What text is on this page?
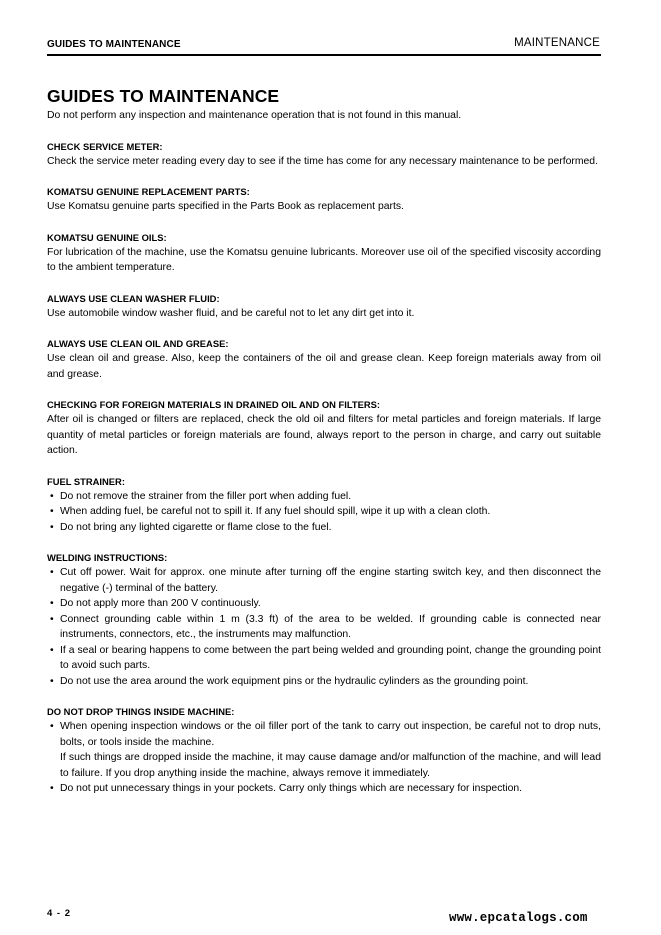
GUIDES TO MAINTENANCE	MAINTENANCE
GUIDES TO MAINTENANCE

Do not perform any inspection and maintenance operation that is not found in this manual.

CHECK SERVICE METER:

Check the service meter reading every day to see if the time has come for any necessary maintenance to be performed.

KOMATSU GENUINE REPLACEMENT PARTS:

Use Komatsu genuine parts specified in the Parts Book as replacement parts.

KOMATSU GENUINE OILS:

For lubrication of the machine, use the Komatsu genuine lubricants. Moreover use oil of the specified viscosity according to the ambient temperature.

ALWAYS USE CLEAN WASHER FLUID:

Use automobile window washer fluid, and be careful not to let any dirt get into it.

ALWAYS USE CLEAN OIL AND GREASE:

Use clean oil and grease. Also, keep the containers of the oil and grease clean. Keep foreign materials away from oil and grease.

CHECKING FOR FOREIGN MATERIALS IN DRAINED OIL AND ON FILTERS:

After oil is changed or filters are replaced, check the old oil and filters for metal particles and foreign materials. If large quantity of metal particles or foreign materials are found, always report to the person in charge, and carry out suitable action.

FUEL STRAINER:

• Do not remove the strainer from the filler port when adding fuel.
• When adding fuel, be careful not to spill it. If any fuel should spill, wipe it up with a clean cloth.
• Do not bring any lighted cigarette or flame close to the fuel.

WELDING INSTRUCTIONS:

• Cut off power. Wait for approx. one minute after turning off the engine starting switch key, and then disconnect the negative (-) terminal of the battery.
• Do not apply more than 200 V continuously.
• Connect grounding cable within 1 m (3.3 ft) of the area to be welded. If grounding cable is connected near instruments, connectors, etc., the instruments may malfunction.
• If a seal or bearing happens to come between the part being welded and grounding point, change the grounding point to avoid such parts.
• Do not use the area around the work equipment pins or the hydraulic cylinders as the grounding point.

DO NOT DROP THINGS INSIDE MACHINE:

• When opening inspection windows or the oil filler port of the tank to carry out inspection, be careful not to drop nuts, bolts, or tools inside the machine.
If such things are dropped inside the machine, it may cause damage and/or malfunction of the machine, and will lead to failure. If you drop anything inside the machine, always remove it immediately.
• Do not put unnecessary things in your pockets. Carry only things which are necessary for inspection.
4 - 2	www.epcatalogs.com
